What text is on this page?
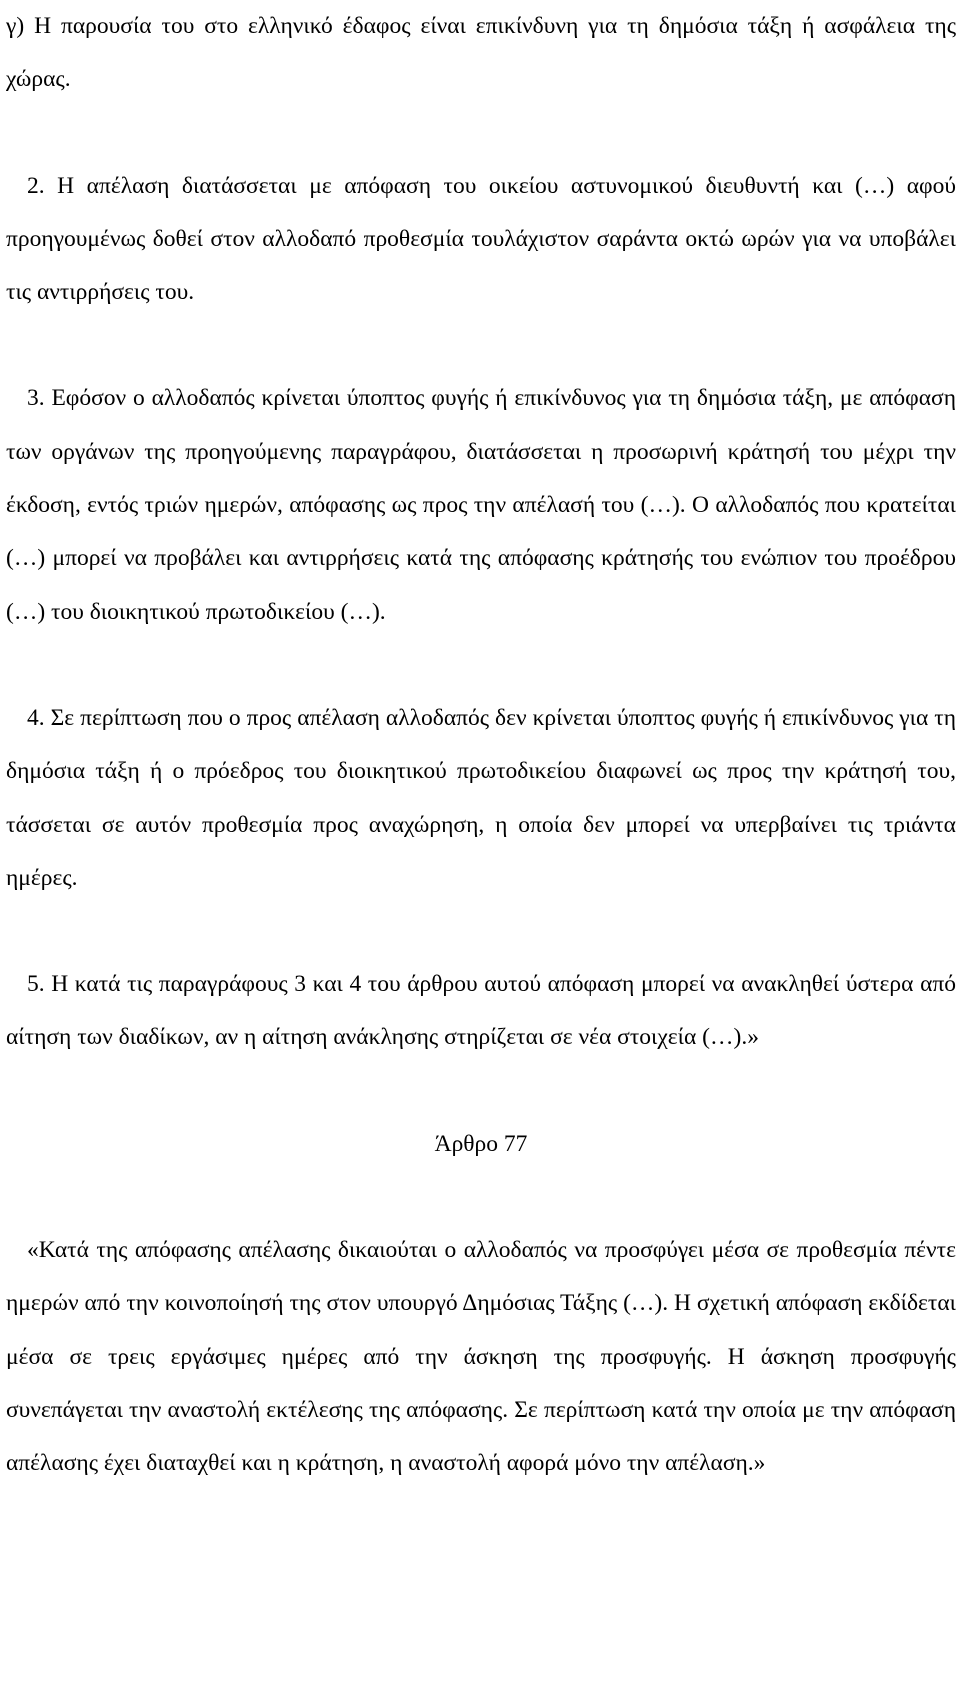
γ) Η παρουσία του στο ελληνικό έδαφος είναι επικίνδυνη για τη δημόσια τάξη ή ασφάλεια της χώρας.

2. Η απέλαση διατάσσεται με απόφαση του οικείου αστυνομικού διευθυντή και (…) αφού προηγουμένως δοθεί στον αλλοδαπό προθεσμία τουλάχιστον σαράντα οκτώ ωρών για να υποβάλει τις αντιρρήσεις του.

3. Εφόσον ο αλλοδαπός κρίνεται ύποπτος φυγής ή επικίνδυνος για τη δημόσια τάξη, με απόφαση των οργάνων της προηγούμενης παραγράφου, διατάσσεται η προσωρινή κράτησή του μέχρι την έκδοση, εντός τριών ημερών, απόφασης ως προς την απέλασή του (…). Ο αλλοδαπός που κρατείται (…) μπορεί να προβάλει και αντιρρήσεις κατά της απόφασης κράτησής του ενώπιον του προέδρου (…) του διοικητικού πρωτοδικείου (…).

4. Σε περίπτωση που ο προς απέλαση αλλοδαπός δεν κρίνεται ύποπτος φυγής ή επικίνδυνος για τη δημόσια τάξη ή ο πρόεδρος του διοικητικού πρωτοδικείου διαφωνεί ως προς την κράτησή του, τάσσεται σε αυτόν προθεσμία προς αναχώρηση, η οποία δεν μπορεί να υπερβαίνει τις τριάντα ημέρες.

5. Η κατά τις παραγράφους 3 και 4 του άρθρου αυτού απόφαση μπορεί να ανακληθεί ύστερα από αίτηση των διαδίκων, αν η αίτηση ανάκλησης στηρίζεται σε νέα στοιχεία (…).»

Άρθρο 77

«Κατά της απόφασης απέλασης δικαιούται ο αλλοδαπός να προσφύγει μέσα σε προθεσμία πέντε ημερών από την κοινοποίησή της στον υπουργό Δημόσιας Τάξης (…). Η σχετική απόφαση εκδίδεται μέσα σε τρεις εργάσιμες ημέρες από την άσκηση της προσφυγής. Η άσκηση προσφυγής συνεπάγεται την αναστολή εκτέλεσης της απόφασης. Σε περίπτωση κατά την οποία με την απόφαση απέλασης έχει διαταχθεί και η κράτηση, η αναστολή αφορά μόνο την απέλαση.»
